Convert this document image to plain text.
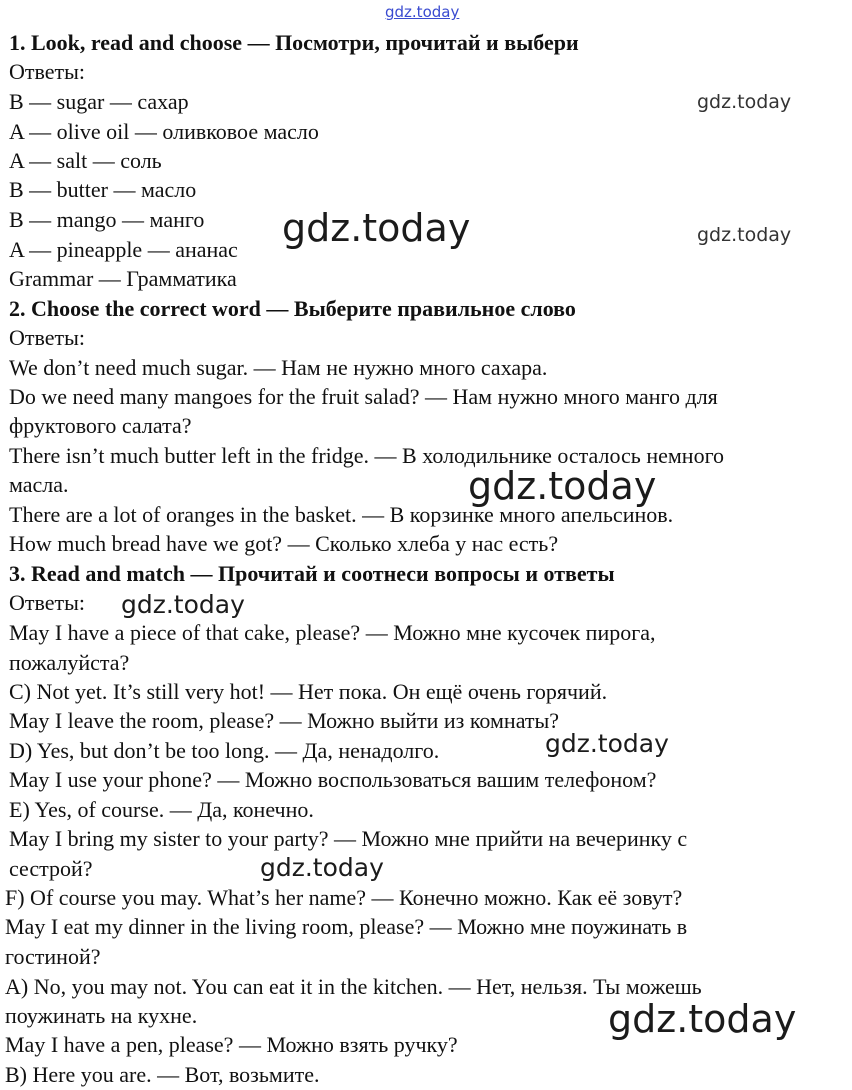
B) Here you are. — Вот, возьмите.
May I have a pen, please? — Можно взять ручку?
поужинать на кухне.
A) No, you may not. You can eat it in the kitchen. — Нет, нельзя. Ты можешь
гостиной?
May I eat my dinner in the living room, please? — Можно мне поужинать в
F) Of course you may. What’s her name? — Конечно можно. Как её зовут?
сестрой?
May I bring my sister to your party? — Можно мне прийти на вечеринку с
E) Yes, of course. — Да, конечно.
May I use your phone? — Можно воспользоваться вашим телефоном?
D) Yes, but don’t be too long. — Да, ненадолго.
May I leave the room, please? — Можно выйти из комнаты?
C) Not yet. It’s still very hot! — Нет пока. Он ещё очень горячий.
пожалуйста?
May I have a piece of that cake, please? — Можно мне кусочек пирога,
Ответы:
3. Read and match — Прочитай и соотнеси вопросы и ответы
How much bread have we got? — Сколько хлеба у нас есть?
There are a lot of oranges in the basket. — В корзинке много апельсинов.
масла.
There isn’t much butter left in the fridge. — В холодильнике осталось немного
фруктового салата?
Do we need many mangoes for the fruit salad? — Нам нужно много манго для
We don’t need much sugar. — Нам не нужно много сахара.
Ответы:
2. Choose the correct word — Выберите правильное слово
Grammar — Грамматика
A — pineapple — ананас
B — mango — манго
B — butter — масло
A — salt — соль
A — olive oil — оливковое масло
B — sugar — сахар
Ответы:
1. Look, read and choose — Посмотри, прочитай и выбери
gdz.today
gdz.today
gdz.today
gdz.today
gdz.today
gdz.today
gdz.today
gdz.today
gdz.today
